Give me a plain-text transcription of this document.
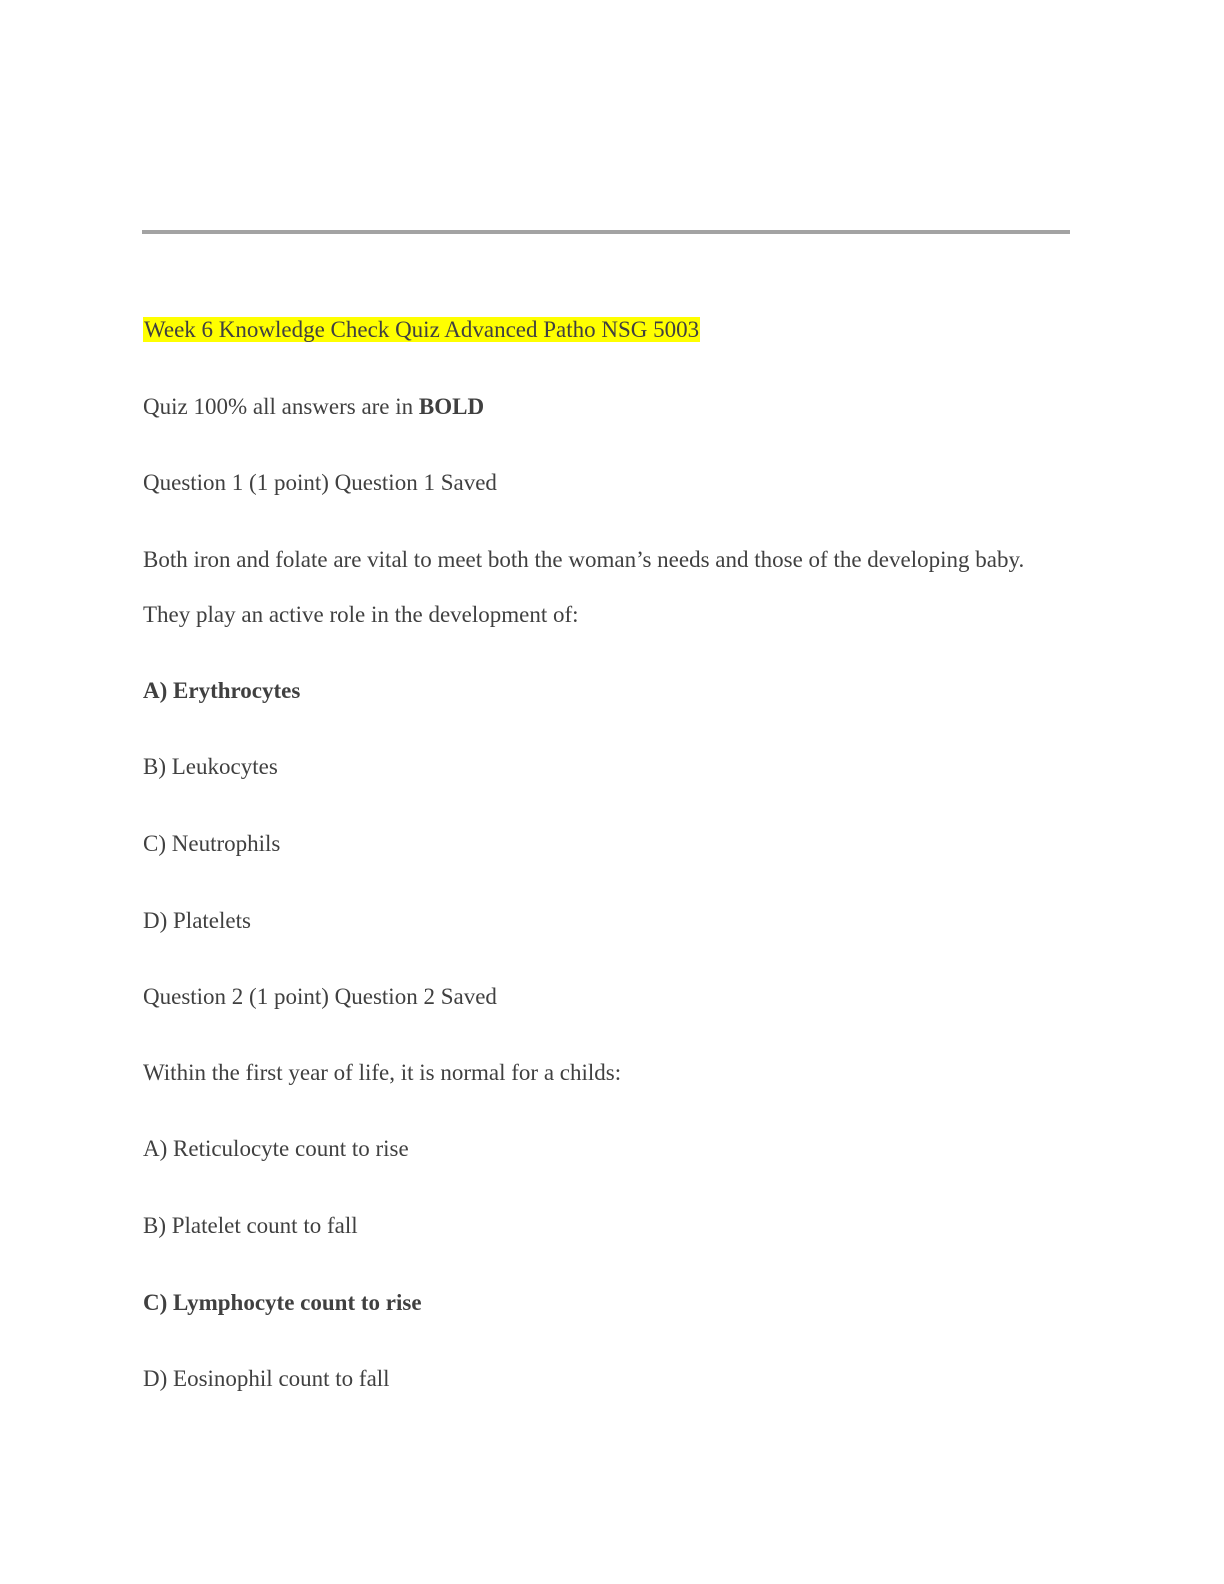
Week 6 Knowledge Check Quiz Advanced Patho NSG 5003

Quiz 100% all answers are in BOLD

Question 1 (1 point) Question 1 Saved

Both iron and folate are vital to meet both the woman’s needs and those of the developing baby.

They play an active role in the development of:

A) Erythrocytes

B) Leukocytes

C) Neutrophils

D) Platelets

Question 2 (1 point) Question 2 Saved

Within the first year of life, it is normal for a childs:

A) Reticulocyte count to rise

B) Platelet count to fall

C) Lymphocyte count to rise

D) Eosinophil count to fall
